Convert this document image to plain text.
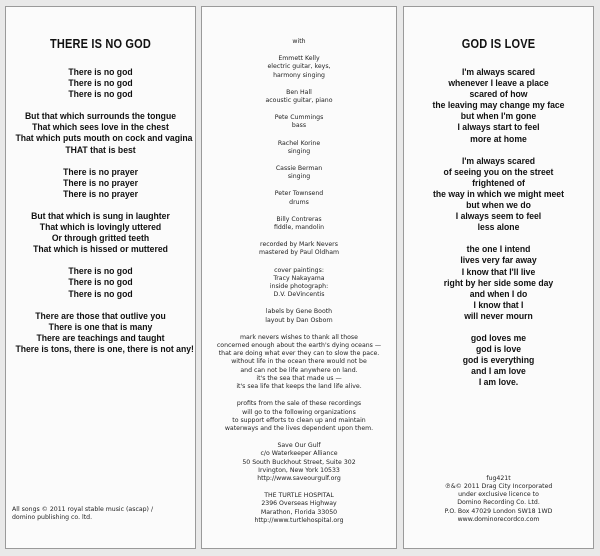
THERE IS NO GOD
There is no god
There is no god
There is no god
But that which surrounds the tongue
That which sees love in the chest
That which puts mouth on cock and vagina
THAT that is best
There is no prayer
There is no prayer
There is no prayer
But that which is sung in laughter
That which is lovingly uttered
Or through gritted teeth
That which is hissed or muttered
There is no god
There is no god
There is no god
There are those that outlive you
There is one that is many
There are teachings and taught
There is tons, there is one, there is not any!
All songs © 2011 royal stable music (ascap) /
domino publishing co. ltd.
with
Emmett Kelly
electric guitar, keys,
harmony singing
Ben Hall
acoustic guitar, piano
Pete Cummings
bass
Rachel Korine
singing
Cassie Berman
singing
Peter Townsend
drums
Billy Contreras
fiddle, mandolin
recorded by Mark Nevers
mastered by Paul Oldham
cover paintings:
Tracy Nakayama
inside photograph:
D.V. DeVincentis
labels by Gene Booth
layout by Dan Osborn
mark nevers wishes to thank all those
concerned enough about the earth's dying oceans —
that are doing what ever they can to slow the pace.
without life in the ocean there would not be
and can not be life anywhere on land.
it's the sea that made us —
it's sea life that keeps the land life alive.
profits from the sale of these recordings
will go to the following organizations
to support efforts to clean up and maintain
waterways and the lives dependent upon them.
Save Our Gulf
c/o Waterkeeper Alliance
50 South Buckhout Street, Suite 302
Irvington, New York 10533
http://www.saveourgulf.org
THE TURTLE HOSPITAL
2396 Overseas Highway
Marathon, Florida 33050
http://www.turtlehospital.org
GOD IS LOVE
I'm always scared
whenever I leave a place
scared of how
the leaving may change my face
but when I'm gone
I always start to feel
more at home
I'm always scared
of seeing you on the street
frightened of
the way in which we might meet
but when we do
I always seem to feel
less alone
the one I intend
lives very far away
I know that I'll live
right by her side some day
and when I do
I know that I
will never mourn
god loves me
god is love
god is everything
and I am love
I am love.
fug421t
℗&© 2011 Drag City Incorporated
under exclusive licence to
Domino Recording Co. Ltd.
P.O. Box 47029 London SW18 1WD
www.dominorecordco.com
